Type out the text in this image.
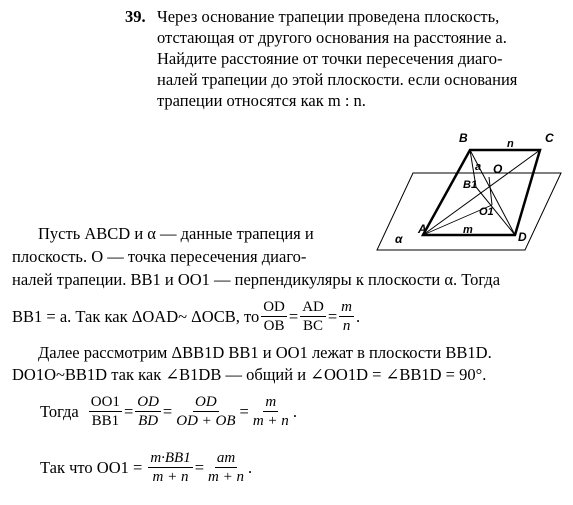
39. Через основание трапеции проведена плоскость,
отстающая от другого основания на расстояние a.
Найдите расстояние от точки пересечения диаго-
налей трапеции до этой плоскости. если основания
трапеции относятся как m : n.
B	C
n
a O
B1
O1
A	m	D
α
Пусть ABCD и α — данные трапеция и
плоскость. O — точка пересечения диаго-
налей трапеции. BB1 и OO1 — перпендикуляры к плоскости α. Тогда
BB1 = a. Так как ΔOAD~ ΔOCB, то $\frac{OD}{OB} = \frac{AD}{BC} = \frac{m}{n}$ .
Далее рассмотрим ΔBB1D BB1 и OO1 лежат в плоскости BB1D.
DO1O~BB1D так как ∠B1DB — общий и ∠OO1D = ∠BB1D = 90°.
Тогда $\frac{OO1}{BB1} = \frac{OD}{BD} = \frac{OD}{OD + OB} = \frac{m}{m + n}$ .
Так что $OO1 = \frac{m\cdot BB1}{m + n} = \frac{am}{m + n}$ .
